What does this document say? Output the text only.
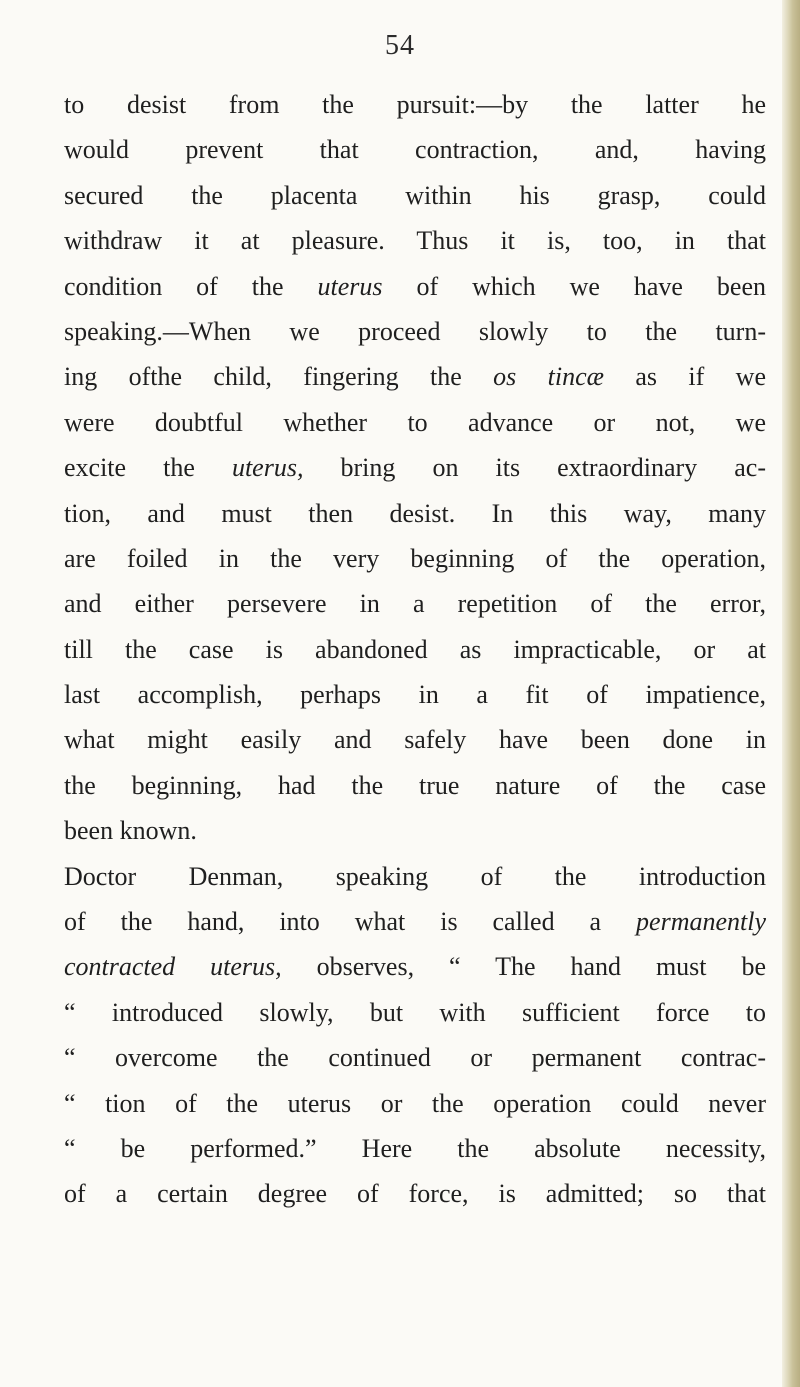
54
to desist from the pursuit:—by the latter he
would prevent that contraction, and, having
secured the placenta within his grasp, could
withdraw it at pleasure. Thus it is, too, in that
condition of the uterus of which we have been
speaking.—When we proceed slowly to the turn-
ing ofthe child, fingering the os tincæ as if we
were doubtful whether to advance or not, we
excite the uterus, bring on its extraordinary ac-
tion, and must then desist. In this way, many
are foiled in the very beginning of the operation,
and either persevere in a repetition of the error,
till the case is abandoned as impracticable, or at
last accomplish, perhaps in a fit of impatience,
what might easily and safely have been done in
the beginning, had the true nature of the case
been known.
Doctor Denman, speaking of the introduction
of the hand, into what is called a permanently
contracted uterus, observes, “ The hand must be
“ introduced slowly, but with sufficient force to
“ overcome the continued or permanent contrac-
“ tion of the uterus or the operation could never
“ be performed.” Here the absolute necessity,
of a certain degree of force, is admitted; so that
